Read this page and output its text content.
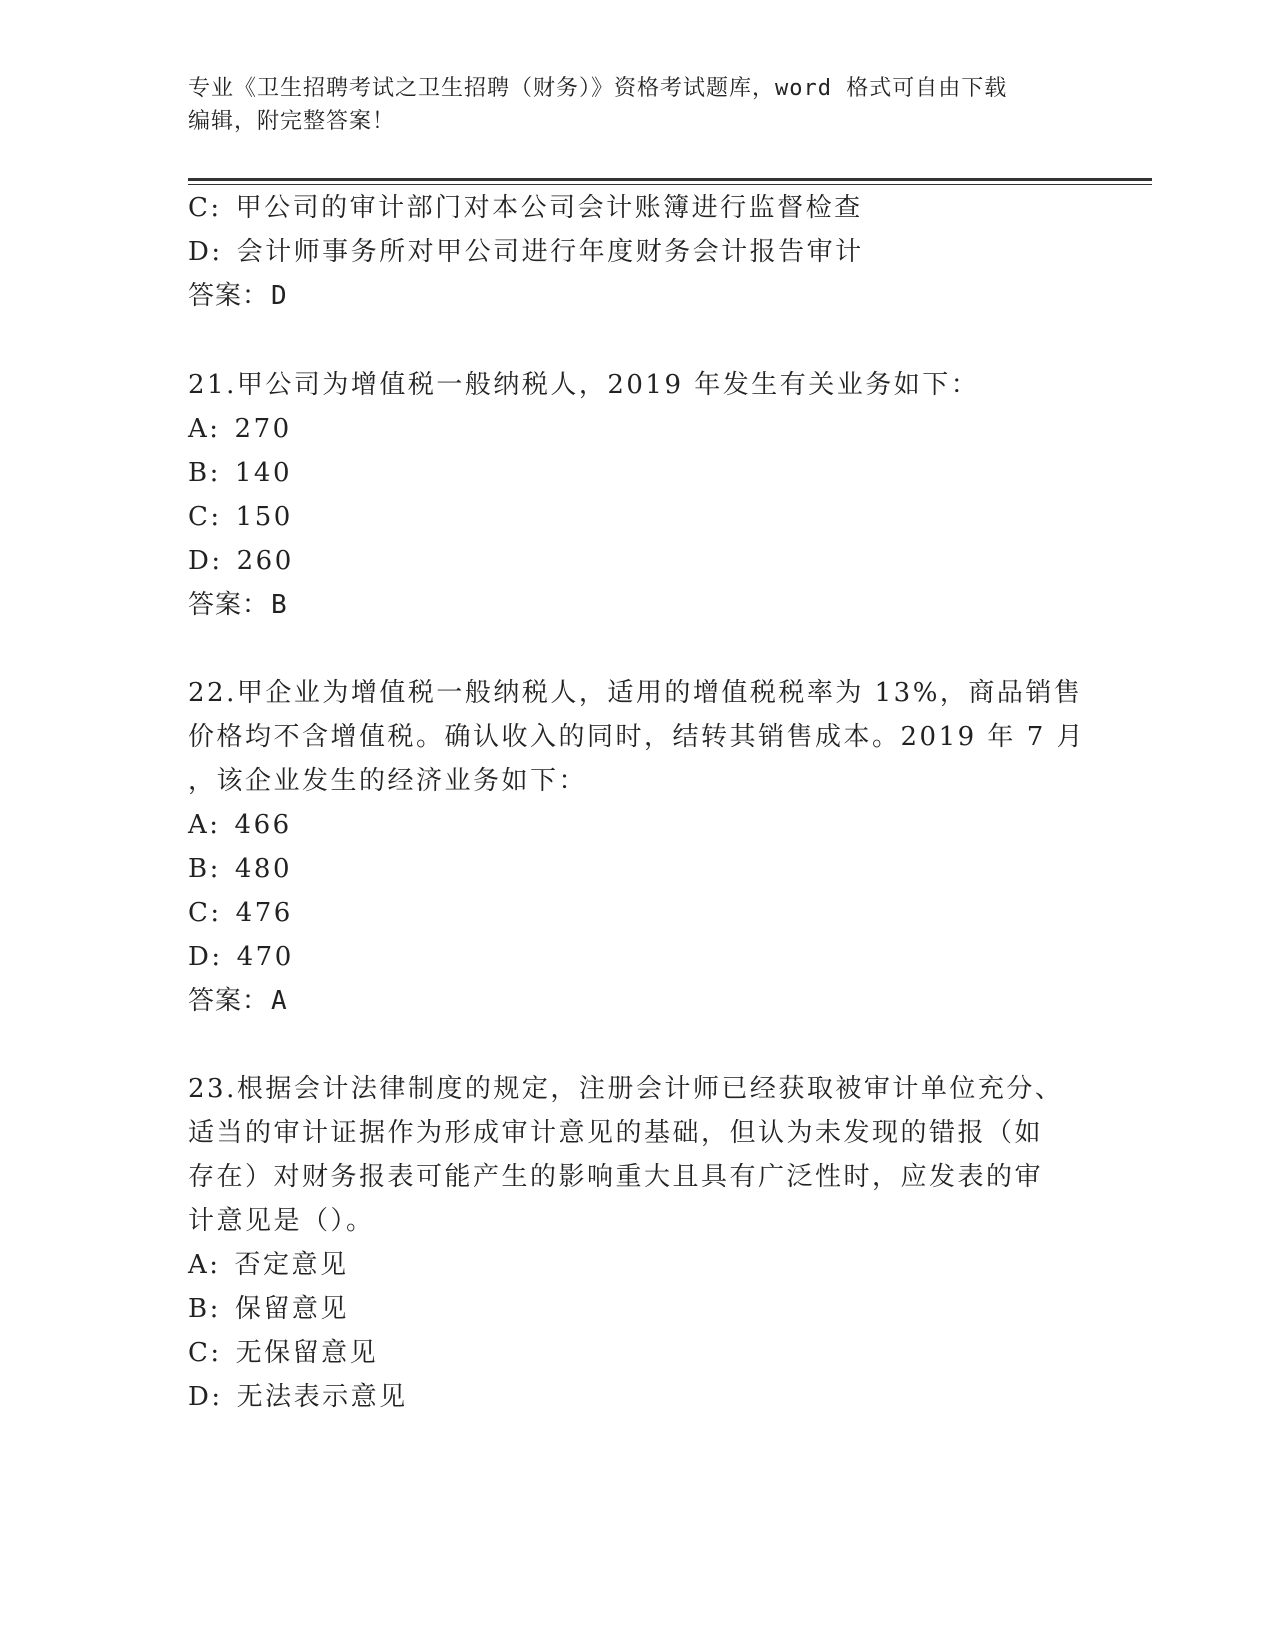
专业《卫生招聘考试之卫生招聘（财务）》资格考试题库，word 格式可自由下载
编辑，附完整答案！
C: 甲公司的审计部门对本公司会计账簿进行监督检查
D: 会计师事务所对甲公司进行年度财务会计报告审计
答案：D
21.甲公司为增值税一般纳税人，2019 年发生有关业务如下：
A: 270
B: 140
C: 150
D: 260
答案：B
22.甲企业为增值税一般纳税人，适用的增值税税率为 13%，商品销售
价格均不含增值税。确认收入的同时，结转其销售成本。2019 年 7 月
，该企业发生的经济业务如下：
A: 466
B: 480
C: 476
D: 470
答案：A
23.根据会计法律制度的规定，注册会计师已经获取被审计单位充分、
适当的审计证据作为形成审计意见的基础，但认为未发现的错报（如
存在）对财务报表可能产生的影响重大且具有广泛性时，应发表的审
计意见是（）。
A: 否定意见
B: 保留意见
C: 无保留意见
D: 无法表示意见
